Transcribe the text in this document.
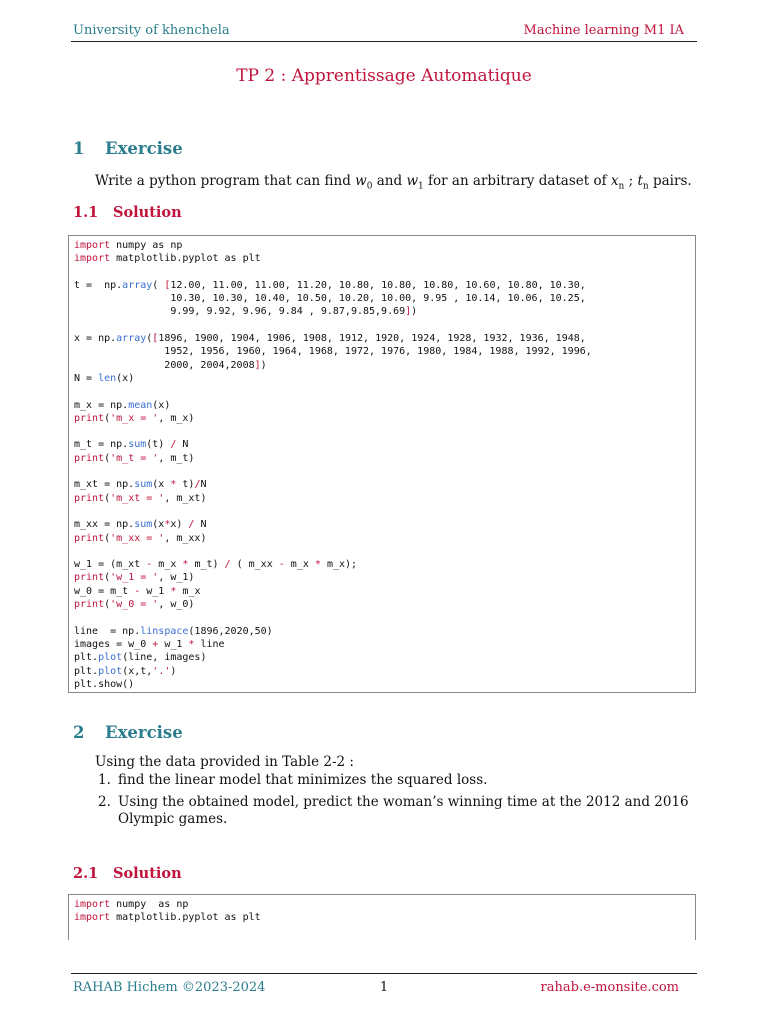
University of khenchela	Machine learning M1 IA
TP 2 : Apprentissage Automatique
1 Exercise
Write a python program that can find $w_0$ and $w_1$ for an arbitrary dataset of $x_n$ ; $t_n$ pairs.
1.1 Solution
import numpy as np
import matplotlib.pyplot as plt

t =  np.array( [12.00, 11.00, 11.00, 11.20, 10.80, 10.80, 10.80, 10.60, 10.80, 10.30,
10.30, 10.30, 10.40, 10.50, 10.20, 10.00, 9.95 , 10.14, 10.06, 10.25,
9.99, 9.92, 9.96, 9.84 , 9.87,9.85,9.69])

x = np.array([1896, 1900, 1904, 1906, 1908, 1912, 1920, 1924, 1928, 1932, 1936, 1948,
1952, 1956, 1960, 1964, 1968, 1972, 1976, 1980, 1984, 1988, 1992, 1996,
2000, 2004,2008])
N = len(x)

m_x = np.mean(x)
print('m_x = ', m_x)

m_t = np.sum(t) / N
print('m_t = ', m_t)

m_xt = np.sum(x * t)/N
print('m_xt = ', m_xt)

m_xx = np.sum(x*x) / N
print('m_xx = ', m_xx)

w_1 = (m_xt - m_x * m_t) / ( m_xx - m_x * m_x);
print('w_1 = ', w_1)
w_0 = m_t - w_1 * m_x
print('w_0 = ', w_0)

line  = np.linspace(1896,2020,50)
images = w_0 + w_1 * line
plt.plot(line, images)
plt.plot(x,t,'.')
plt.show()
2 Exercise
Using the data provided in Table 2-2 :
1. find the linear model that minimizes the squared loss.
2. Using the obtained model, predict the woman’s winning time at the 2012 and 2016 Olympic games.
2.1 Solution
import numpy  as np
import matplotlib.pyplot as plt
RAHAB Hichem ©2023-2024	1	rahab.e-monsite.com
